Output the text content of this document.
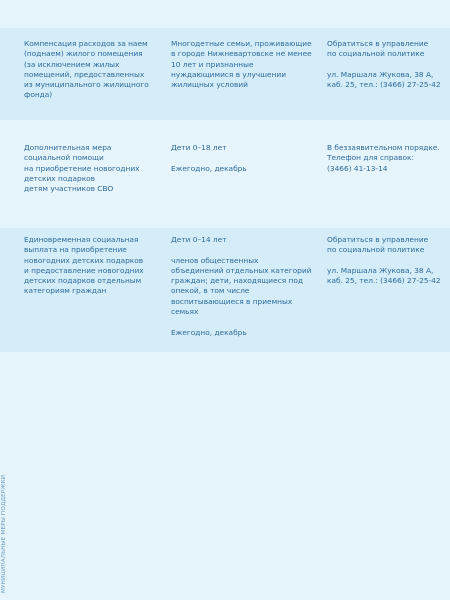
Компенсация расходов за наем
(поднаем) жилого помещения
(за исключением жилых
помещений, предоставленных
из муниципального жилищного
фонда)

Многодетные семьи, проживающие
в городе Нижневартовске не менее
10 лет и признанные
нуждающимися в улучшении
жилищных условий

Обратиться в управление
по социальной политике

ул. Маршала Жукова, 38 А,
каб. 25, тел.: (3466) 27-25-42

Дополнительная мера
социальной помощи
на приобретение новогодних
детских подарков
детям участников СВО

Дети 0–18 лет

Ежегодно, декабрь

В беззаявительном порядке.
Телефон для справок:
(3466) 41-13-14

Единовременная социальная
выплата на приобретение
новогодних детских подарков
и предоставление новогодних
детских подарков отдельным
категориям граждан

Дети 0–14 лет

членов общественных
объединений отдельных категорий
граждан; дети, находящиеся под
опекой, в том числе
воспитывающиеся в приемных
семьях

Ежегодно, декабрь

Обратиться в управление
по социальной политике

ул. Маршала Жукова, 38 А,
каб. 25, тел.: (3466) 27-25-42

МУНИЦИПАЛЬНЫЕ МЕРЫ ПОДДЕРЖКИ
